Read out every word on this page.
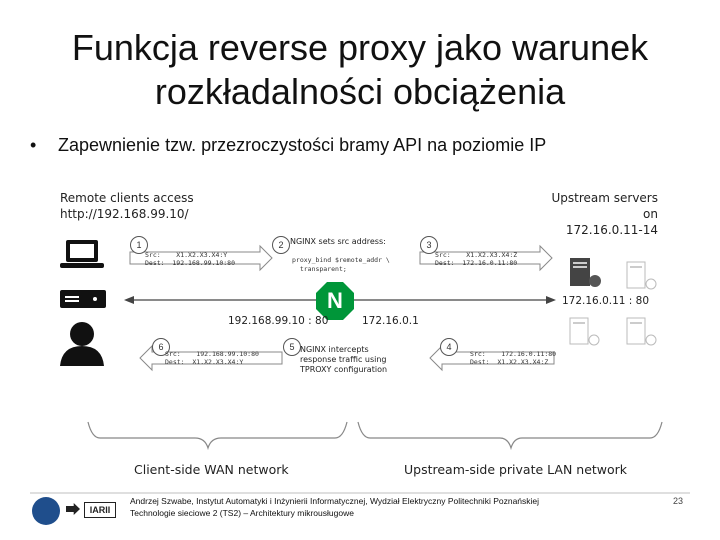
Funkcja reverse proxy jako warunek
rozkładalności obciążenia
• Zapewnienie tzw. przezroczystości bramy API na poziomie IP
Remote clients access
http://192.168.99.10/
Upstream servers on
172.16.0.11-14
1
Src:    X1.X2.X3.X4:Y
Dest:  192.168.99.10:80
2 NGINX sets src address:
proxy_bind $remote_addr \
transparent;
3
Src:    X1.X2.X3.X4:Z
Dest:  172.16.0.11:80
N
192.168.99.10 : 80	172.16.0.1
172.16.0.11 : 80
4
Src:    172.16.0.11:80
Dest:  X1.X2.X3.X4:Z
5 NGINX intercepts
response traffic using
TPROXY configuration
6
Src:    192.168.99.10:80
Dest:  X1.X2.X3.X4:Y
Client-side WAN network	Upstream-side private LAN network
IARII
Andrzej Szwabe, Instytut Automatyki i Inżynierii Informatycznej, Wydział Elektryczny Politechniki Poznańskiej
Technologie sieciowe 2 (TS2) – Architektury mikrousługowe
23
